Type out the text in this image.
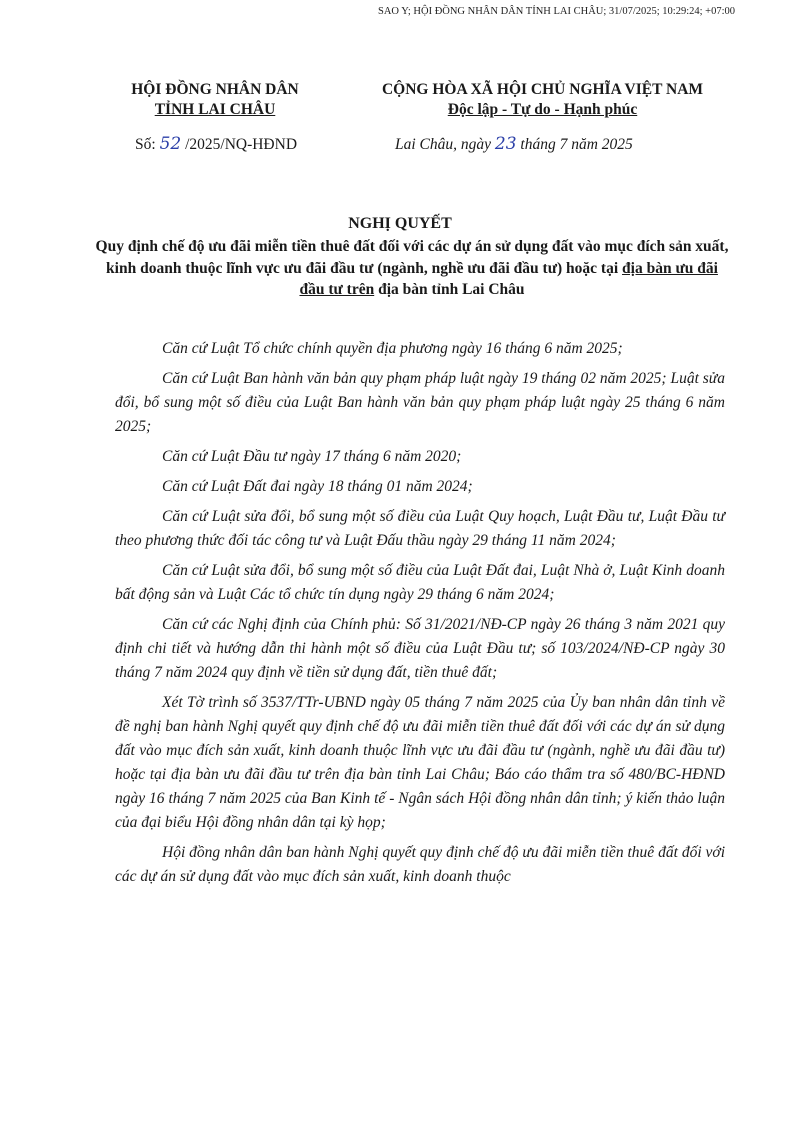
SAO Y; HỘI ĐỒNG NHÂN DÂN TỈNH LAI CHÂU; 31/07/2025; 10:29:24; +07:00
HỘI ĐỒNG NHÂN DÂN
TỈNH LAI CHÂU
CỘNG HÒA XÃ HỘI CHỦ NGHĨA VIỆT NAM
Độc lập - Tự do - Hạnh phúc
Số: 52 /2025/NQ-HĐND	Lai Châu, ngày 23 tháng 7 năm 2025
NGHỊ QUYẾT
Quy định chế độ ưu đãi miễn tiền thuê đất đối với các dự án sử dụng đất vào mục đích sản xuất, kinh doanh thuộc lĩnh vực ưu đãi đầu tư (ngành, nghề ưu đãi đầu tư) hoặc tại địa bàn ưu đãi đầu tư trên địa bàn tỉnh Lai Châu

Căn cứ Luật Tổ chức chính quyền địa phương ngày 16 tháng 6 năm 2025;

Căn cứ Luật Ban hành văn bản quy phạm pháp luật ngày 19 tháng 02 năm 2025; Luật sửa đổi, bổ sung một số điều của Luật Ban hành văn bản quy phạm pháp luật ngày 25 tháng 6 năm 2025;

Căn cứ Luật Đầu tư ngày 17 tháng 6 năm 2020;

Căn cứ Luật Đất đai ngày 18 tháng 01 năm 2024;

Căn cứ Luật sửa đổi, bổ sung một số điều của Luật Quy hoạch, Luật Đầu tư, Luật Đầu tư theo phương thức đối tác công tư và Luật Đấu thầu ngày 29 tháng 11 năm 2024;

Căn cứ Luật sửa đổi, bổ sung một số điều của Luật Đất đai, Luật Nhà ở, Luật Kinh doanh bất động sản và Luật Các tổ chức tín dụng ngày 29 tháng 6 năm 2024;

Căn cứ các Nghị định của Chính phủ: Số 31/2021/NĐ-CP ngày 26 tháng 3 năm 2021 quy định chi tiết và hướng dẫn thi hành một số điều của Luật Đầu tư; số 103/2024/NĐ-CP ngày 30 tháng 7 năm 2024 quy định về tiền sử dụng đất, tiền thuê đất;

Xét Tờ trình số 3537/TTr-UBND ngày 05 tháng 7 năm 2025 của Ủy ban nhân dân tỉnh về đề nghị ban hành Nghị quyết quy định chế độ ưu đãi miễn tiền thuê đất đối với các dự án sử dụng đất vào mục đích sản xuất, kinh doanh thuộc lĩnh vực ưu đãi đầu tư (ngành, nghề ưu đãi đầu tư) hoặc tại địa bàn ưu đãi đầu tư trên địa bàn tỉnh Lai Châu; Báo cáo thẩm tra số 480/BC-HĐND ngày 16 tháng 7 năm 2025 của Ban Kinh tế - Ngân sách Hội đồng nhân dân tỉnh; ý kiến thảo luận của đại biểu Hội đồng nhân dân tại kỳ họp;

Hội đồng nhân dân ban hành Nghị quyết quy định chế độ ưu đãi miễn tiền thuê đất đối với các dự án sử dụng đất vào mục đích sản xuất, kinh doanh thuộc
